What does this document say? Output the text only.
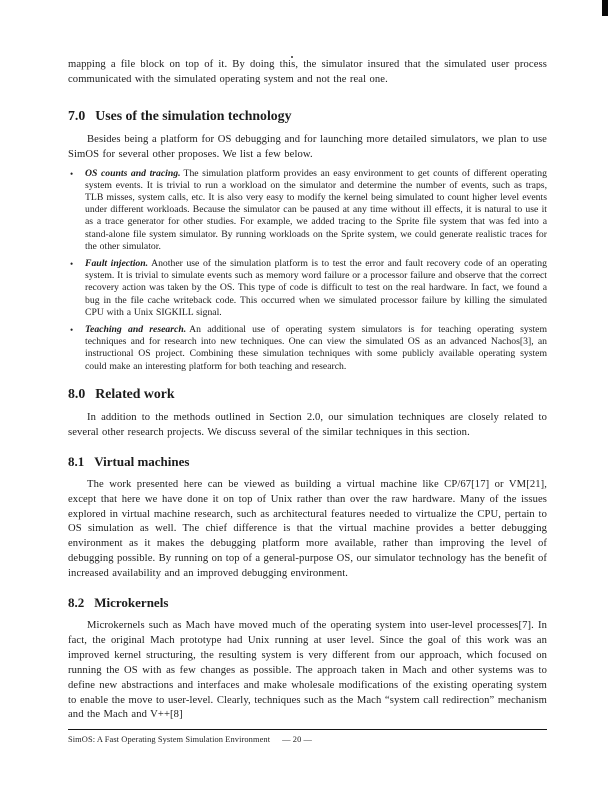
mapping a file block on top of it. By doing this, the simulator insured that the simulated user process communicated with the simulated operating system and not the real one.

7.0 Uses of the simulation technology

Besides being a platform for OS debugging and for launching more detailed simulators, we plan to use SimOS for several other proposes. We list a few below.

• OS counts and tracing. The simulation platform provides an easy environment to get counts of different operating system events. It is trivial to run a workload on the simulator and determine the number of events, such as traps, TLB misses, system calls, etc. It is also very easy to modify the kernel being simulated to count higher level events under different workloads. Because the simulator can be paused at any time without ill effects, it is natural to use it as a trace generator for other studies. For example, we added tracing to the Sprite file system that was fed into a stand-alone file system simulator. By running workloads on the Sprite system, we could generate realistic traces for the other simulator.
• Fault injection. Another use of the simulation platform is to test the error and fault recovery code of an operating system. It is trivial to simulate events such as memory word failure or a processor failure and observe that the correct recovery action was taken by the OS. This type of code is difficult to test on the real hardware. In fact, we found a bug in the file cache writeback code. This occurred when we simulated processor failure by killing the simulated CPU with a Unix SIGKILL signal.
• Teaching and research. An additional use of operating system simulators is for teaching operating system techniques and for research into new techniques. One can view the simulated OS as an advanced Nachos[3], an instructional OS project. Combining these simulation techniques with some publicly available operating system could make an interesting platform for both teaching and research.
8.0 Related work

In addition to the methods outlined in Section 2.0, our simulation techniques are closely related to several other research projects. We discuss several of the similar techniques in this section.

8.1 Virtual machines

The work presented here can be viewed as building a virtual machine like CP/67[17] or VM[21], except that here we have done it on top of Unix rather than over the raw hardware. Many of the issues explored in virtual machine research, such as architectural features needed to virtualize the CPU, pertain to OS simulation as well. The chief difference is that the virtual machine provides a better debugging environment as it makes the debugging platform more available, rather than improving the level of debugging possible. By running on top of a general-purpose OS, our simulator technology has the benefit of increased availability and an improved debugging environment.

8.2 Microkernels

Microkernels such as Mach have moved much of the operating system into user-level processes[7]. In fact, the original Mach prototype had Unix running at user level. Since the goal of this work was an improved kernel structuring, the resulting system is very different from our approach, which focused on running the OS with as few changes as possible. The approach taken in Mach and other systems was to define new abstractions and interfaces and make wholesale modifications of the existing operating system to enable the move to user-level. Clearly, techniques such as the Mach “system call redirection” mechanism and the Mach and V++[8]

SimOS: A Fast Operating System Simulation Environment — 20 —
